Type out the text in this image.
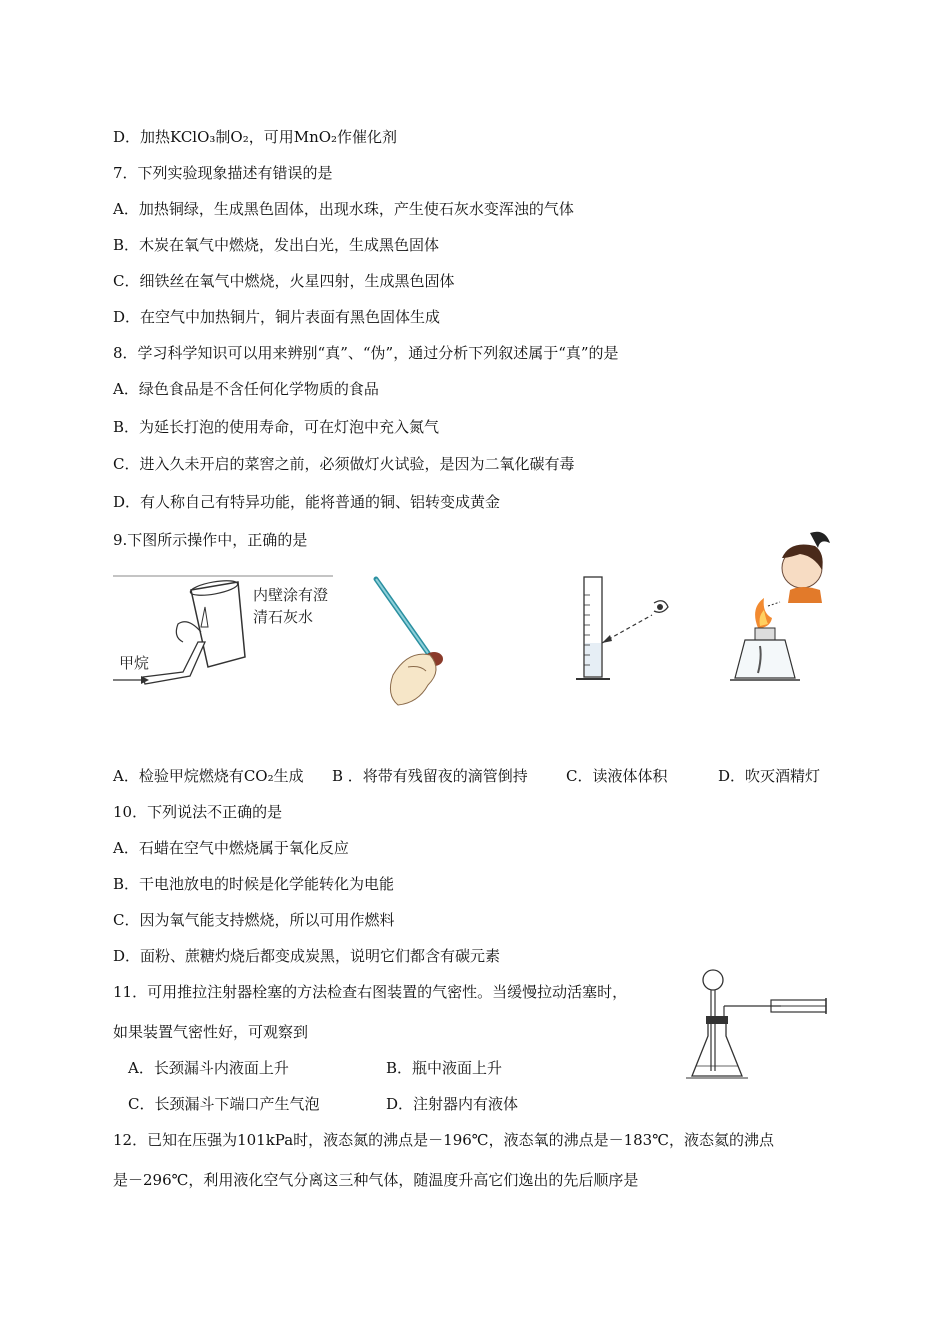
D．加热KClO₃制O₂，可用MnO₂作催化剂
7．下列实验现象描述有错误的是
A．加热铜绿，生成黑色固体，出现水珠，产生使石灰水变浑浊的气体
B．木炭在氧气中燃烧，发出白光，生成黑色固体
C．细铁丝在氧气中燃烧，火星四射，生成黑色固体
D．在空气中加热铜片，铜片表面有黑色固体生成
8．学习科学知识可以用来辨别“真”、“伪”，通过分析下列叙述属于“真”的是
A．绿色食品是不含任何化学物质的食品
B．为延长打泡的使用寿命，可在灯泡中充入氮气
C．进入久未开启的菜窖之前，必须做灯火试验，是因为二氧化碳有毒
D．有人称自己有特异功能，能将普通的铜、铝转变成黄金
9.下图所示操作中，正确的是
内壁涂有澄
清石灰水
甲烷
A．检验甲烷燃烧有CO₂生成 B ．将带有残留夜的滴管倒持	C．读液体体积	D．吹灭酒精灯
10．下列说法不正确的是
A．石蜡在空气中燃烧属于氧化反应
B．干电池放电的时候是化学能转化为电能
C．因为氧气能支持燃烧，所以可用作燃料
D．面粉、蔗糖灼烧后都变成炭黑，说明它们都含有碳元素
11．可用推拉注射器栓塞的方法检查右图装置的气密性。当缓慢拉动活塞时，
如果装置气密性好，可观察到
A．长颈漏斗内液面上升	B．瓶中液面上升
C．长颈漏斗下端口产生气泡	D．注射器内有液体
12．已知在压强为101kPa时，液态氮的沸点是－196℃，液态氧的沸点是－183℃，液态氦的沸点
是－296℃，利用液化空气分离这三种气体，随温度升高它们逸出的先后顺序是
